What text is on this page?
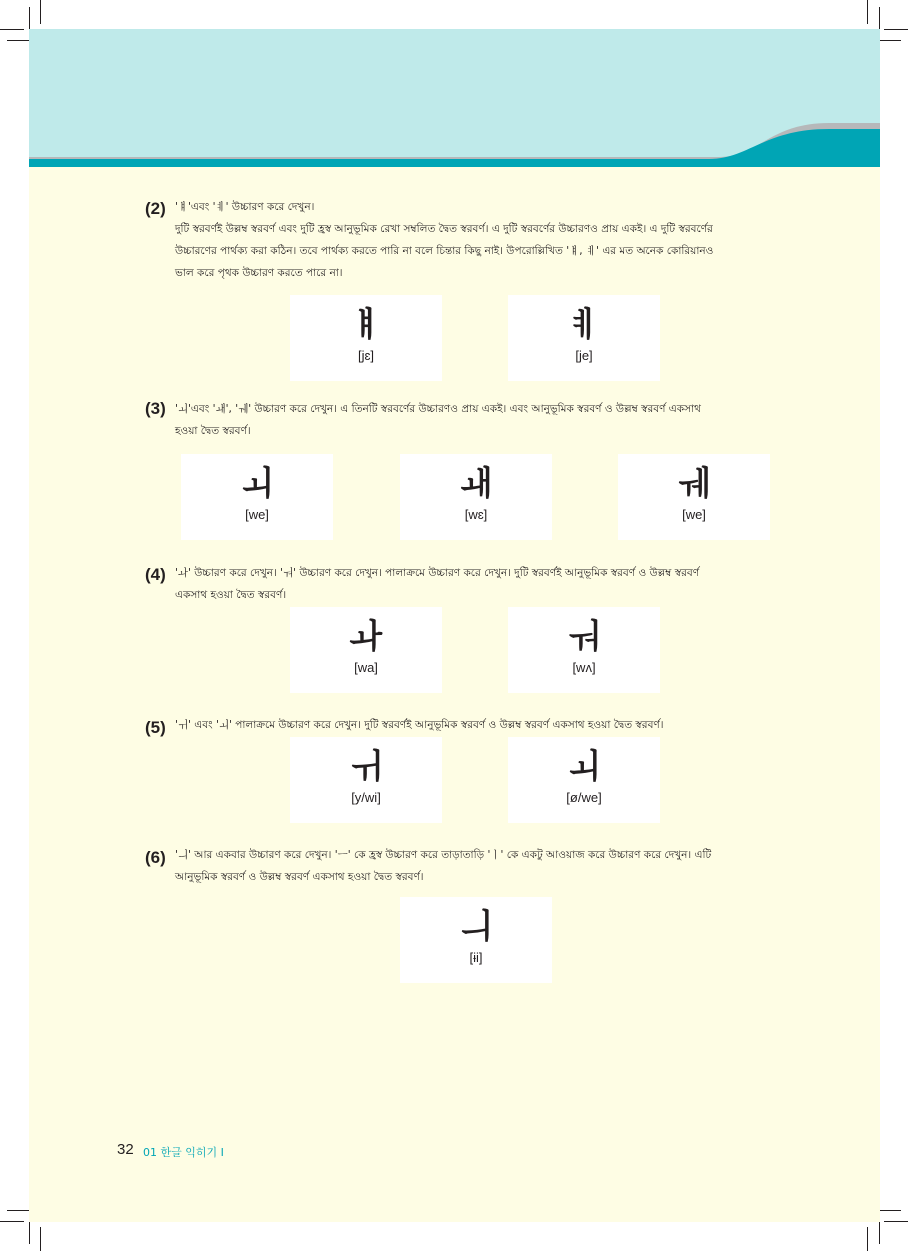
(2) 'ㅒ'এবং 'ㅖ' উচ্চারণ করে দেখুন।
দুটি স্বরবর্ণই উল্লম্ব স্বরবর্ণ এবং দুটি হ্রস্ব আনুভূমিক রেখা সম্বলিত দ্বৈত স্বরবর্ণ। এ দুটি স্বরবর্ণের উচ্চারণও প্রায় একই। এ দুটি স্বরবর্ণের
উচ্চারণের পার্থক্য করা কঠিন। তবে পার্থক্য করতে পারি না বলে চিন্তার কিছু নাই। উপরোল্লিখিত 'ㅒ, ㅖ' এর মত অনেক কোরিয়ানও
ভাল করে পৃথক উচ্চারণ করতে পারে না।
ㅒ
[jɛ]
ㅖ
[je]
(3) 'ㅚ'এবং 'ㅙ', 'ㅞ' উচ্চারণ করে দেখুন। এ তিনটি স্বরবর্ণের উচ্চারণও প্রায় একই। এবং আনুভূমিক স্বরবর্ণ ও উল্লম্ব স্বরবর্ণ একসাথ
হওয়া দ্বৈত স্বরবর্ণ।
ㅚ
[we]
ㅙ
[wɛ]
ㅞ
[we]
(4) 'ㅘ' উচ্চারণ করে দেখুন। 'ㅝ' উচ্চারণ করে দেখুন। পালাক্রমে উচ্চারণ করে দেখুন। দুটি স্বরবর্ণই আনুভূমিক স্বরবর্ণ ও উল্লম্ব স্বরবর্ণ
একসাথ হওয়া দ্বৈত স্বরবর্ণ।
ㅘ
[wa]
ㅝ
[wʌ]
(5) 'ㅟ' এবং 'ㅚ' পালাক্রমে উচ্চারণ করে দেখুন। দুটি স্বরবর্ণই আনুভূমিক স্বরবর্ণ ও উল্লম্ব স্বরবর্ণ একসাথ হওয়া দ্বৈত স্বরবর্ণ।
ㅟ
[y/wi]
ㅚ
[ø/we]
(6) 'ㅢ' আর একবার উচ্চারণ করে দেখুন। 'ㅡ' কে হ্রস্ব উচ্চারণ করে তাড়াতাড়ি 'ㅣ' কে একটু আওয়াজ করে উচ্চারণ করে দেখুন। এটি
আনুভূমিক স্বরবর্ণ ও উল্লম্ব স্বরবর্ণ একসাথ হওয়া দ্বৈত স্বরবর্ণ।
ㅢ
[ɨi]
32 01 한글 익히기 Ⅰ
